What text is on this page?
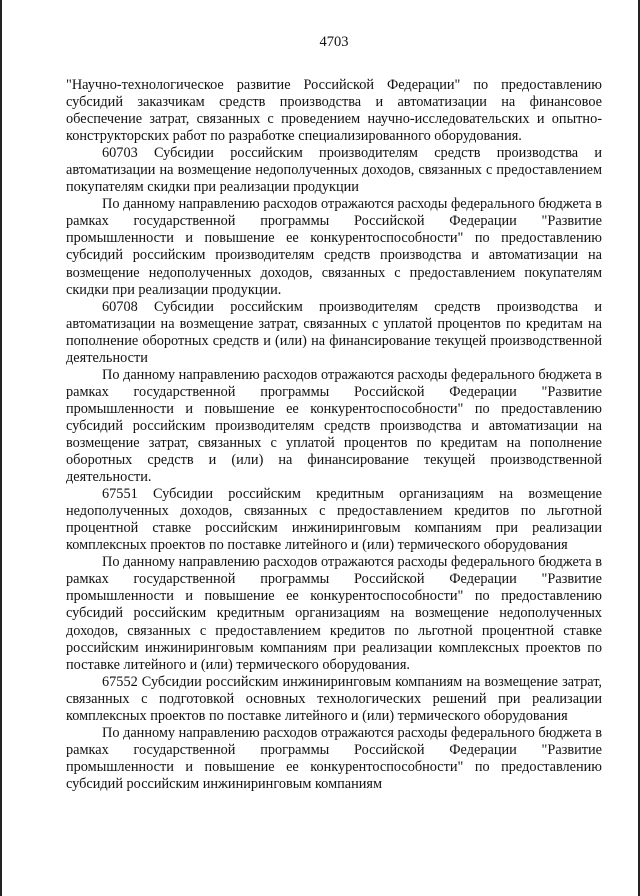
4703

"Научно-технологическое развитие Российской Федерации" по предоставлению субсидий заказчикам средств производства и автоматизации на финансовое обеспечение затрат, связанных с проведением научно-исследовательских и опытно-конструкторских работ по разработке специализированного оборудования.

60703 Субсидии российским производителям средств производства и автоматизации на возмещение недополученных доходов, связанных с предоставлением покупателям скидки при реализации продукции

По данному направлению расходов отражаются расходы федерального бюджета в рамках государственной программы Российской Федерации "Развитие промышленности и повышение ее конкурентоспособности" по предоставлению субсидий российским производителям средств производства и автоматизации на возмещение недополученных доходов, связанных с предоставлением покупателям скидки при реализации продукции.

60708 Субсидии российским производителям средств производства и автоматизации на возмещение затрат, связанных с уплатой процентов по кредитам на пополнение оборотных средств и (или) на финансирование текущей производственной деятельности

По данному направлению расходов отражаются расходы федерального бюджета в рамках государственной программы Российской Федерации "Развитие промышленности и повышение ее конкурентоспособности" по предоставлению субсидий российским производителям средств производства и автоматизации на возмещение затрат, связанных с уплатой процентов по кредитам на пополнение оборотных средств и (или) на финансирование текущей производственной деятельности.

67551 Субсидии российским кредитным организациям на возмещение недополученных доходов, связанных с предоставлением кредитов по льготной процентной ставке российским инжиниринговым компаниям при реализации комплексных проектов по поставке литейного и (или) термического оборудования

По данному направлению расходов отражаются расходы федерального бюджета в рамках государственной программы Российской Федерации "Развитие промышленности и повышение ее конкурентоспособности" по предоставлению субсидий российским кредитным организациям на возмещение недополученных доходов, связанных с предоставлением кредитов по льготной процентной ставке российским инжиниринговым компаниям при реализации комплексных проектов по поставке литейного и (или) термического оборудования.

67552 Субсидии российским инжиниринговым компаниям на возмещение затрат, связанных с подготовкой основных технологических решений при реализации комплексных проектов по поставке литейного и (или) термического оборудования

По данному направлению расходов отражаются расходы федерального бюджета в рамках государственной программы Российской Федерации "Развитие промышленности и повышение ее конкурентоспособности" по предоставлению субсидий российским инжиниринговым компаниям
